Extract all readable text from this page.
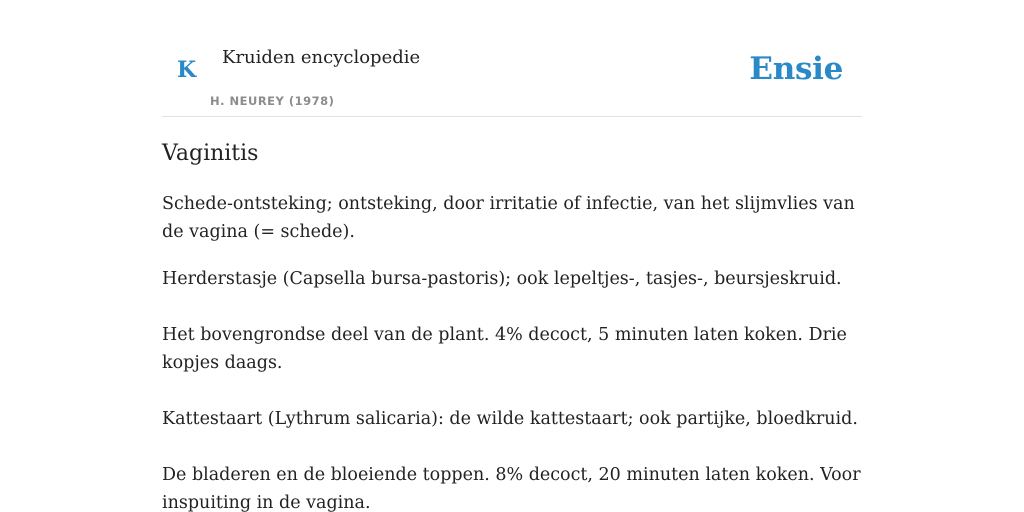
K Kruiden encyclopedie
H. NEUREY (1978)
Ensie
Vaginitis

Schede-ontsteking; ontsteking, door irritatie of infectie, van het slijmvlies van de vagina (= schede).

Herderstasje (Capsella bursa-pastoris); ook lepeltjes-, tasjes-, beursjeskruid.

Het bovengrondse deel van de plant. 4% decoct, 5 minuten laten koken. Drie kopjes daags.

Kattestaart (Lythrum salicaria): de wilde kattestaart; ook partijke, bloedkruid.

De bladeren en de bloeiende toppen. 8% decoct, 20 minuten laten koken. Voor inspuiting in de vagina.
